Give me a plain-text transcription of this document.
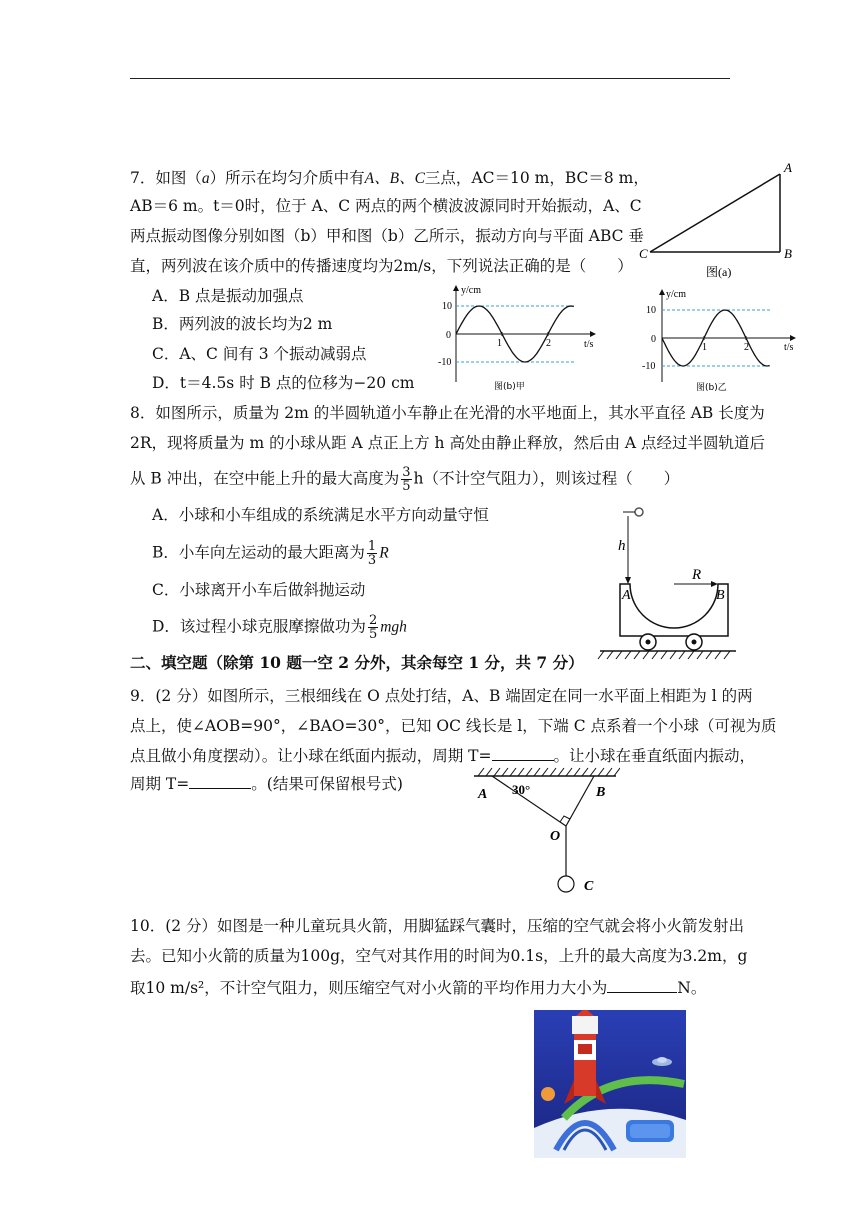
7．如图（a）所示在均匀介质中有A、B、C三点，AC＝10 m，BC＝8 m，
AB＝6 m。t＝0时，位于 A、C 两点的两个横波波源同时开始振动，A、C
两点振动图像分别如图（b）甲和图（b）乙所示，振动方向与平面 ABC 垂
直，两列波在该介质中的传播速度均为2m/s，下列说法正确的是（　　）
A．B 点是振动加强点
B．两列波的波长均为2 m
C．A、C 间有 3 个振动减弱点
D．t＝4.5s 时 B 点的位移为−20 cm
A
C	B
图(a)
y/cm
t/s
10
0
-10
1	2
图(b)甲
y/cm
t/s
10
0
-10
1	2
图(b)乙
8．如图所示，质量为 2m 的半圆轨道小车静止在光滑的水平地面上，其水平直径 AB 长度为
2R，现将质量为 m 的小球从距 A 点正上方 h 高处由静止释放，然后由 A 点经过半圆轨道后
从 B 冲出，在空中能上升的最大高度为 $\frac{3}{5} h$（不计空气阻力），则该过程（　　）
A．小球和小车组成的系统满足水平方向动量守恒
B．小车向左运动的最大距离为 $\frac{1}{3}$ R
C．小球离开小车后做斜抛运动
D．该过程小球克服摩擦做功为 $\frac{2}{5}$ mgh
h
R
A	B
二、填空题（除第 10 题一空 2 分外，其余每空 1 分，共 7 分）
9．(2 分）如图所示，三根细线在 O 点处打结，A、B 端固定在同一水平面上相距为 l 的两
点上，使∠AOB=90°，∠BAO=30°，已知 OC 线长是 l，下端 C 点系着一个小球（可视为质
点且做小角度摆动）。让小球在纸面内振动，周期 T=	。让小球在垂直纸面内振动，
周期 T=	。(结果可保留根号式)
A 30°	B
O
C
10．(2 分）如图是一种儿童玩具火箭，用脚猛踩气囊时，压缩的空气就会将小火箭发射出
去。已知小火箭的质量为100g，空气对其作用的时间为0.1s，上升的最大高度为3.2m，g
取10 m/s²，不计空气阻力，则压缩空气对小火箭的平均作用力大小为	N。
